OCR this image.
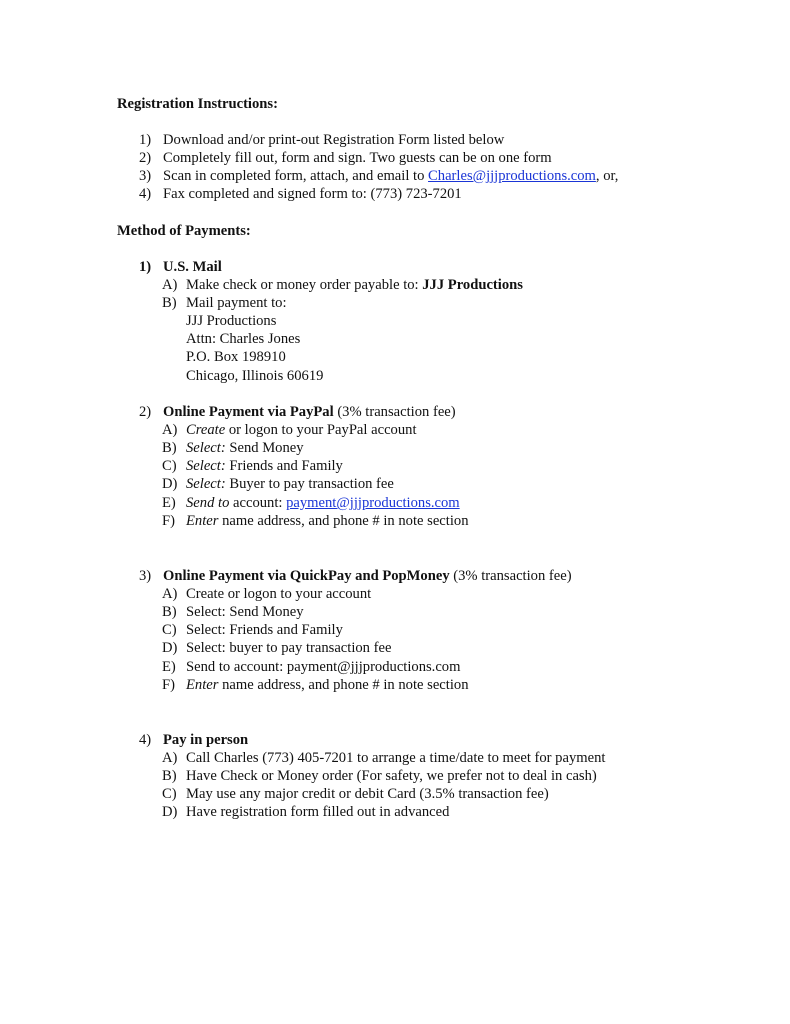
Registration Instructions:
1) Download and/or print-out Registration Form listed below
2) Completely fill out, form and sign. Two guests can be on one form
3) Scan in completed form, attach, and email to Charles@jjjproductions.com, or,
4) Fax completed and signed form to: (773) 723-7201
Method of Payments:
1) U.S. Mail
A) Make check or money order payable to: JJJ Productions
B) Mail payment to:
JJJ Productions
Attn: Charles Jones
P.O. Box 198910
Chicago, Illinois 60619
2) Online Payment via PayPal (3% transaction fee)
A) Create or logon to your PayPal account
B) Select: Send Money
C) Select: Friends and Family
D) Select: Buyer to pay transaction fee
E) Send to account: payment@jjjproductions.com
F) Enter name address, and phone # in note section
3) Online Payment via QuickPay and PopMoney (3% transaction fee)
A) Create or logon to your account
B) Select: Send Money
C) Select: Friends and Family
D) Select: buyer to pay transaction fee
E) Send to account: payment@jjjproductions.com
F) Enter name address, and phone # in note section
4) Pay in person
A) Call Charles (773) 405-7201 to arrange a time/date to meet for payment
B) Have Check or Money order (For safety, we prefer not to deal in cash)
C) May use any major credit or debit Card (3.5% transaction fee)
D) Have registration form filled out in advanced
